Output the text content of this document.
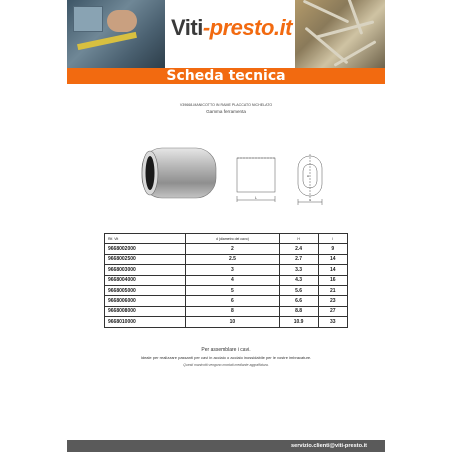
Viti-presto.it
Scheda tecnica
V39668-MANICOTTO IN RAME PLACCATO NICHELATO
Gamma ferramenta
L	l1
H
Rif. Vit	d (diametro del cavo)	H	l
9668002000	2	2.4	9
9668002500	2.5	2.7	14
9668003000	3	3.3	14
9668004000	4	4.3	16
9668005000	5	5.6	21
9668006000	6	6.6	23
9668008000	8	8.8	27
9668010000	10	10.9	33
Per assemblare i cavi.
Ideale per realizzare passanti per cavi in acciaio o acciaio inossidabile per le vostre imbracature.
Questi manicotti vengono montati mediante aggraffatura.
servizio.clienti@viti-presto.it
